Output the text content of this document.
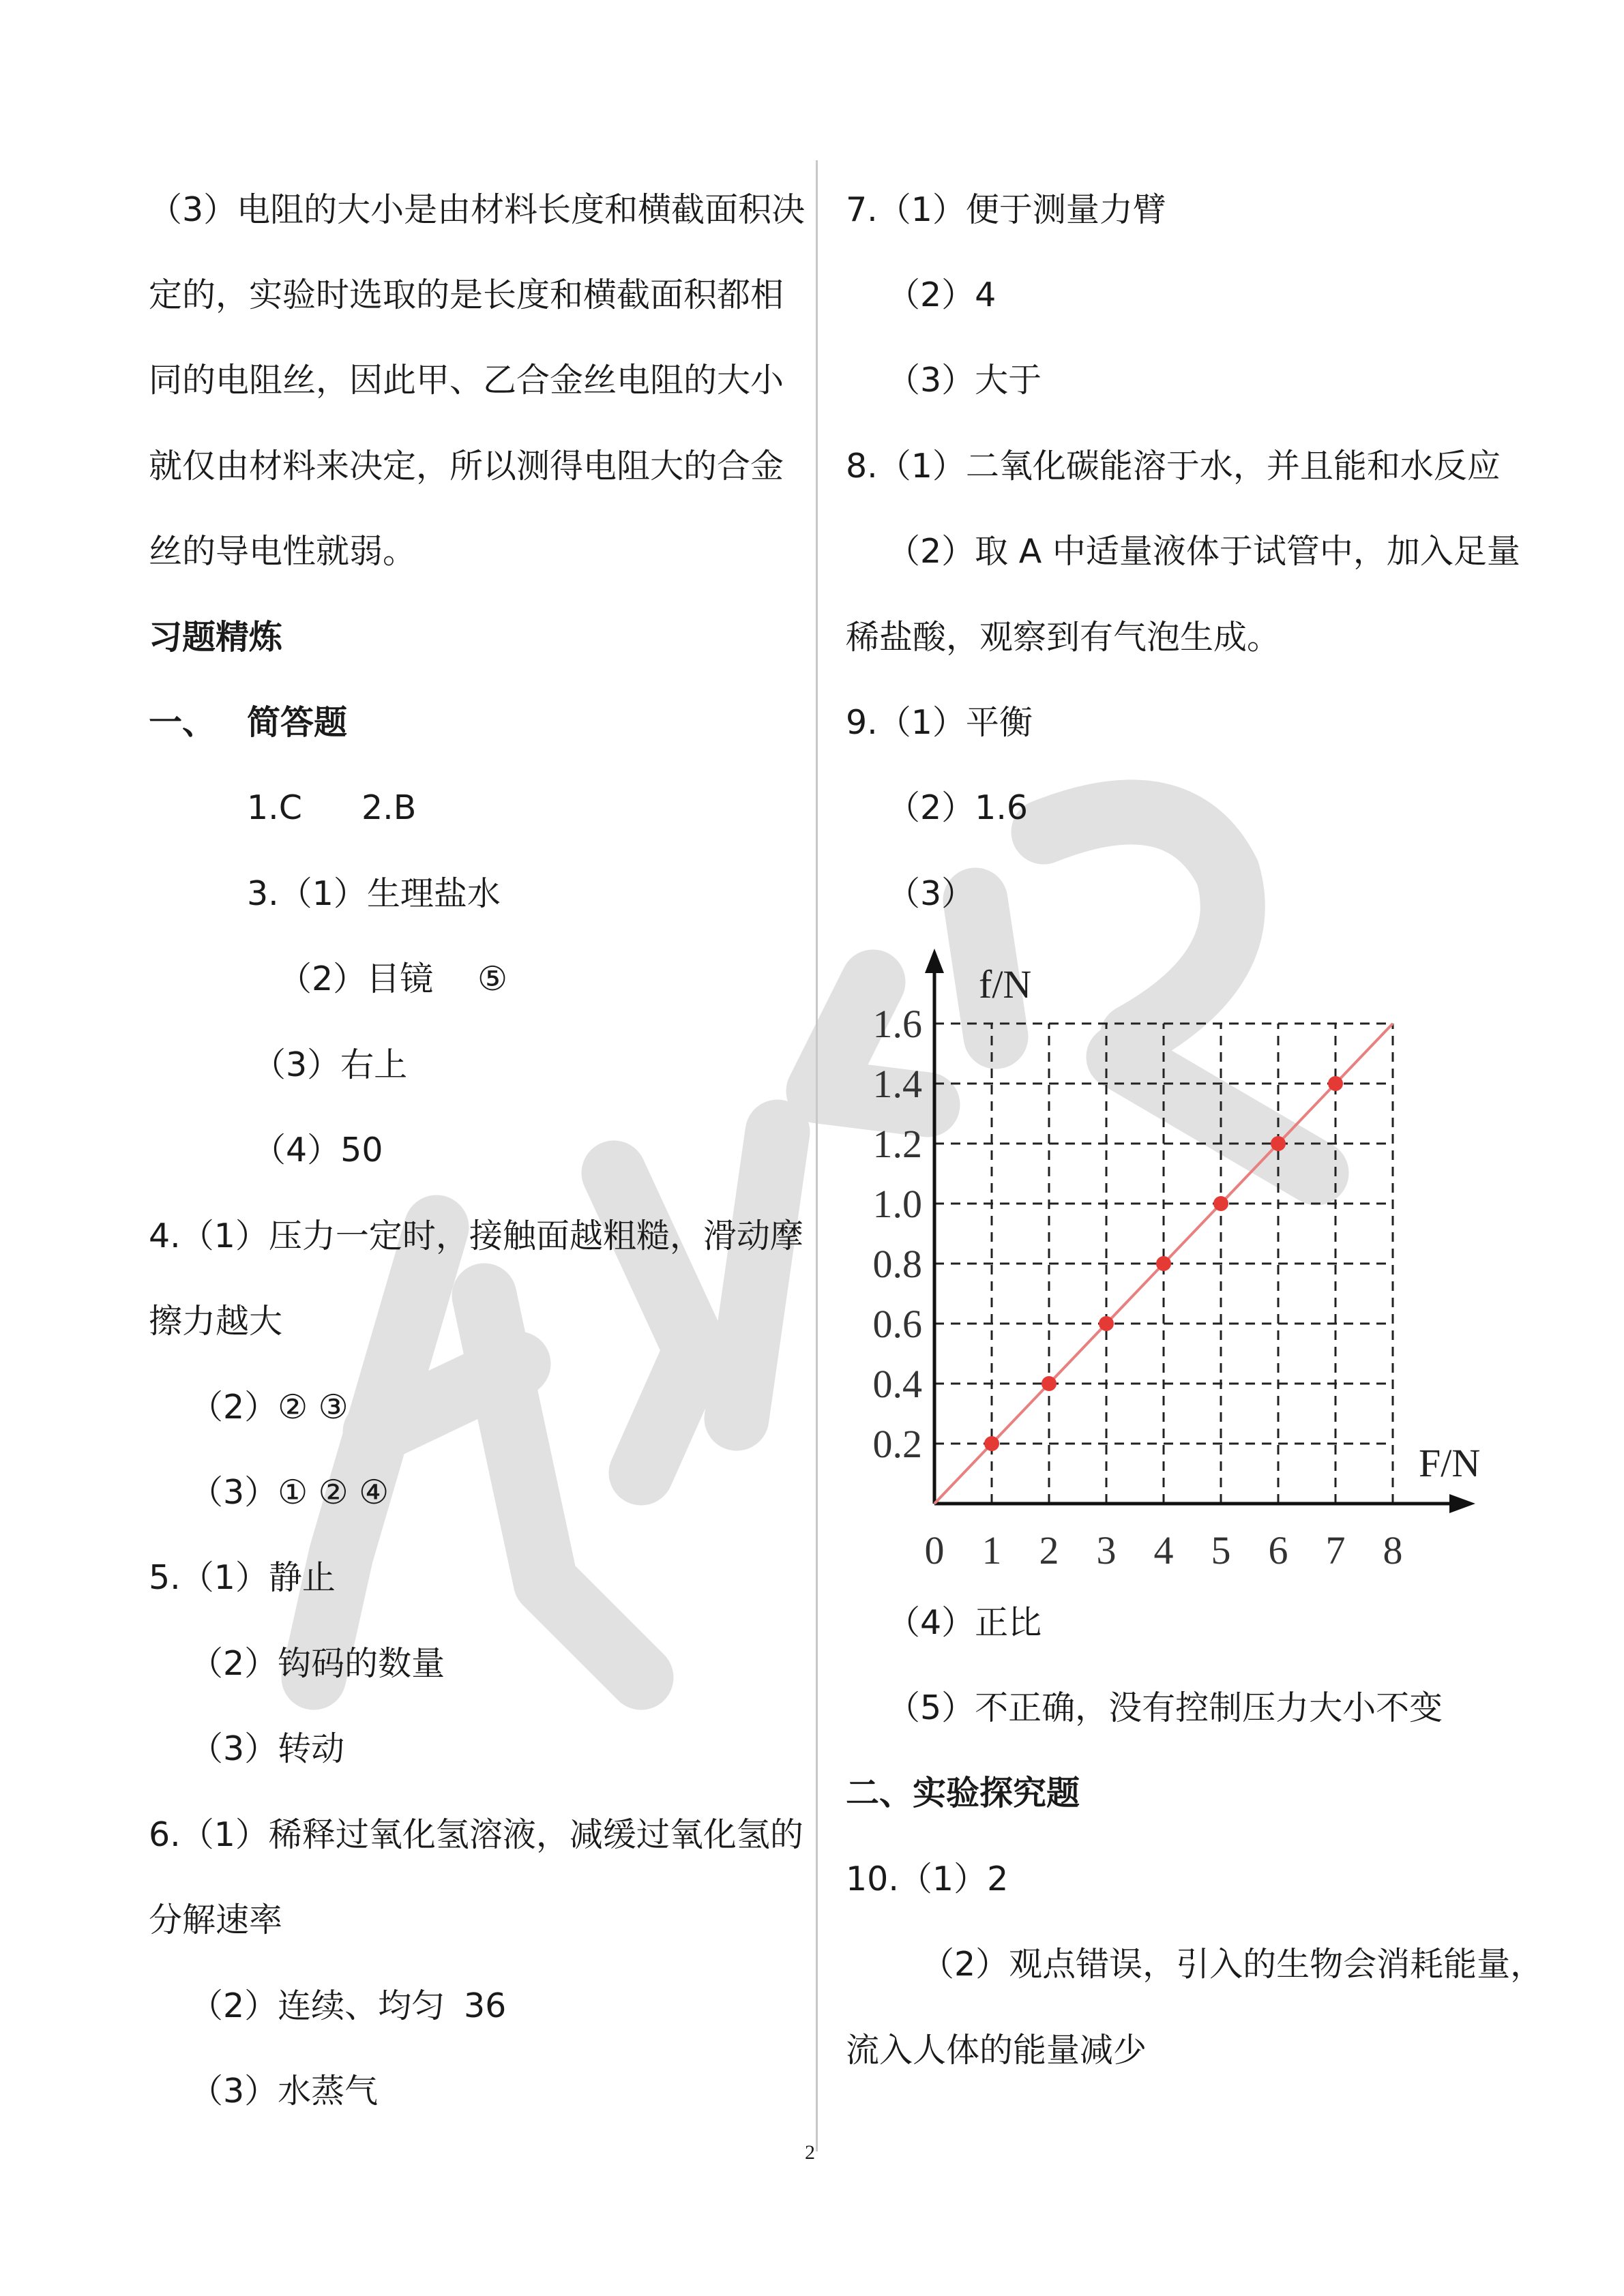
（3）电阻的大小是由材料长度和横截面积决
定的，实验时选取的是长度和横截面积都相
同的电阻丝，因此甲、乙合金丝电阻的大小
就仅由材料来决定，所以测得电阻大的合金
丝的导电性就弱。
习题精炼
一、 简答题
1.C 2.B
3.（1）生理盐水
（2）目镜 ⑤
（3）右上
（4）50
4.（1）压力一定时，接触面越粗糙，滑动摩
擦力越大
（2）② ③
（3）① ② ④
5.（1）静止
（2）钩码的数量
（3）转动
6.（1）稀释过氧化氢溶液，减缓过氧化氢的
分解速率
（2）连续、均匀 36
（3）水蒸气
7.（1）便于测量力臂
（2）4
（3）大于
8.（1）二氧化碳能溶于水，并且能和水反应
（2）取 A 中适量液体于试管中，加入足量
稀盐酸，观察到有气泡生成。
9.（1）平衡
（2）1.6
（3）
0 1 2 3 4 5 6 7 8
0.2
0.4
0.6
0.8
1.0
1.2
1.4
1.6
f/N
F/N
（4）正比
（5）不正确，没有控制压力大小不变
二、实验探究题
10.（1）2
（2）观点错误，引入的生物会消耗能量，
流入人体的能量减少
2
